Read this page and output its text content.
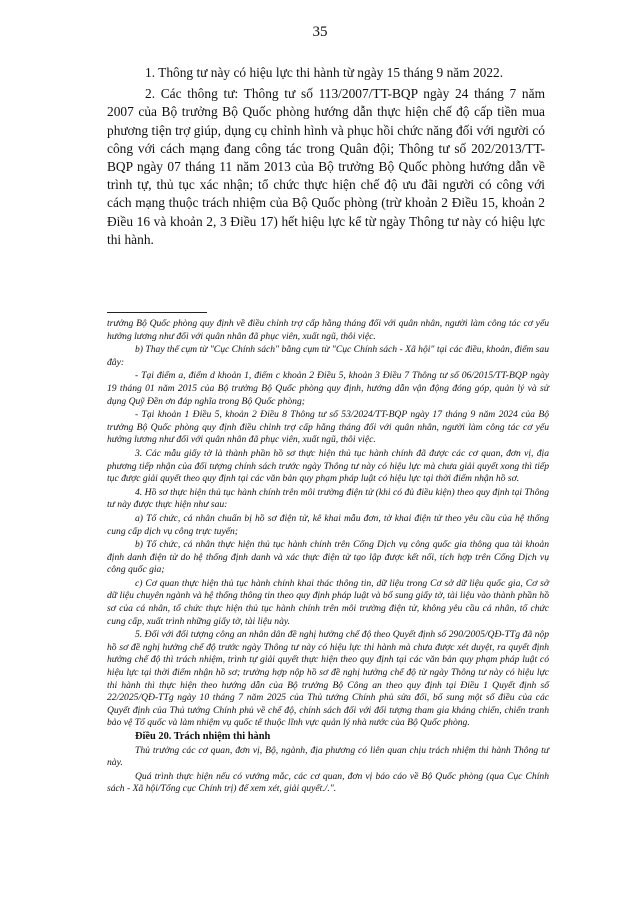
35

1. Thông tư này có hiệu lực thi hành từ ngày 15 tháng 9 năm 2022.

2. Các thông tư: Thông tư số 113/2007/TT-BQP ngày 24 tháng 7 năm 2007 của Bộ trưởng Bộ Quốc phòng hướng dẫn thực hiện chế độ cấp tiền mua phương tiện trợ giúp, dụng cụ chỉnh hình và phục hồi chức năng đối với người có công với cách mạng đang công tác trong Quân đội; Thông tư số 202/2013/TT-BQP ngày 07 tháng 11 năm 2013 của Bộ trưởng Bộ Quốc phòng hướng dẫn về trình tự, thủ tục xác nhận; tổ chức thực hiện chế độ ưu đãi người có công với cách mạng thuộc trách nhiệm của Bộ Quốc phòng (trừ khoản 2 Điều 15, khoản 2 Điều 16 và khoản 2, 3 Điều 17) hết hiệu lực kể từ ngày Thông tư này có hiệu lực thi hành.

trưởng Bộ Quốc phòng quy định về điều chỉnh trợ cấp hằng tháng đối với quân nhân, người làm công tác cơ yếu hưởng lương như đối với quân nhân đã phục viên, xuất ngũ, thôi việc.

b) Thay thế cụm từ "Cục Chính sách" bằng cụm từ "Cục Chính sách - Xã hội" tại các điều, khoản, điểm sau đây:

- Tại điểm a, điểm d khoản 1, điểm c khoản 2 Điều 5, khoản 3 Điều 7 Thông tư số 06/2015/TT-BQP ngày 19 tháng 01 năm 2015 của Bộ trưởng Bộ Quốc phòng quy định, hướng dẫn vận động đóng góp, quản lý và sử dụng Quỹ Đền ơn đáp nghĩa trong Bộ Quốc phòng;

- Tại khoản 1 Điều 5, khoản 2 Điều 8 Thông tư số 53/2024/TT-BQP ngày 17 tháng 9 năm 2024 của Bộ trưởng Bộ Quốc phòng quy định điều chỉnh trợ cấp hằng tháng đối với quân nhân, người làm công tác cơ yếu hưởng lương như đối với quân nhân đã phục viên, xuất ngũ, thôi việc.

3. Các mẫu giấy tờ là thành phần hồ sơ thực hiện thủ tục hành chính đã được các cơ quan, đơn vị, địa phương tiếp nhận của đối tượng chính sách trước ngày Thông tư này có hiệu lực mà chưa giải quyết xong thì tiếp tục được giải quyết theo quy định tại các văn bản quy phạm pháp luật có hiệu lực tại thời điểm nhận hồ sơ.

4. Hồ sơ thực hiện thủ tục hành chính trên môi trường điện tử (khi có đủ điều kiện) theo quy định tại Thông tư này được thực hiện như sau:

a) Tổ chức, cá nhân chuẩn bị hồ sơ điện tử, kê khai mẫu đơn, tờ khai điện tử theo yêu cầu của hệ thống cung cấp dịch vụ công trực tuyến;

b) Tổ chức, cá nhân thực hiện thủ tục hành chính trên Cổng Dịch vụ công quốc gia thông qua tài khoản định danh điện tử do hệ thống định danh và xác thực điện tử tạo lập được kết nối, tích hợp trên Cổng Dịch vụ công quốc gia;

c) Cơ quan thực hiện thủ tục hành chính khai thác thông tin, dữ liệu trong Cơ sở dữ liệu quốc gia, Cơ sở dữ liệu chuyên ngành và hệ thống thông tin theo quy định pháp luật và bổ sung giấy tờ, tài liệu vào thành phần hồ sơ của cá nhân, tổ chức thực hiện thủ tục hành chính trên môi trường điện tử, không yêu cầu cá nhân, tổ chức cung cấp, xuất trình những giấy tờ, tài liệu này.

5. Đối với đối tượng công an nhân dân đề nghị hưởng chế độ theo Quyết định số 290/2005/QĐ-TTg đã nộp hồ sơ đề nghị hưởng chế độ trước ngày Thông tư này có hiệu lực thi hành mà chưa được xét duyệt, ra quyết định hưởng chế độ thì trách nhiệm, trình tự giải quyết thực hiện theo quy định tại các văn bản quy phạm pháp luật có hiệu lực tại thời điểm nhận hồ sơ; trường hợp nộp hồ sơ đề nghị hưởng chế độ từ ngày Thông tư này có hiệu lực thi hành thì thực hiện theo hướng dẫn của Bộ trưởng Bộ Công an theo quy định tại Điều 1 Quyết định số 22/2025/QĐ-TTg ngày 10 tháng 7 năm 2025 của Thủ tướng Chính phủ sửa đổi, bổ sung một số điều của các Quyết định của Thủ tướng Chính phủ về chế độ, chính sách đối với đối tượng tham gia kháng chiến, chiến tranh bảo vệ Tổ quốc và làm nhiệm vụ quốc tế thuộc lĩnh vực quản lý nhà nước của Bộ Quốc phòng.

Điều 20. Trách nhiệm thi hành

Thủ trưởng các cơ quan, đơn vị, Bộ, ngành, địa phương có liên quan chịu trách nhiệm thi hành Thông tư này.

Quá trình thực hiện nếu có vướng mắc, các cơ quan, đơn vị báo cáo về Bộ Quốc phòng (qua Cục Chính sách - Xã hội/Tổng cục Chính trị) để xem xét, giải quyết./.".
